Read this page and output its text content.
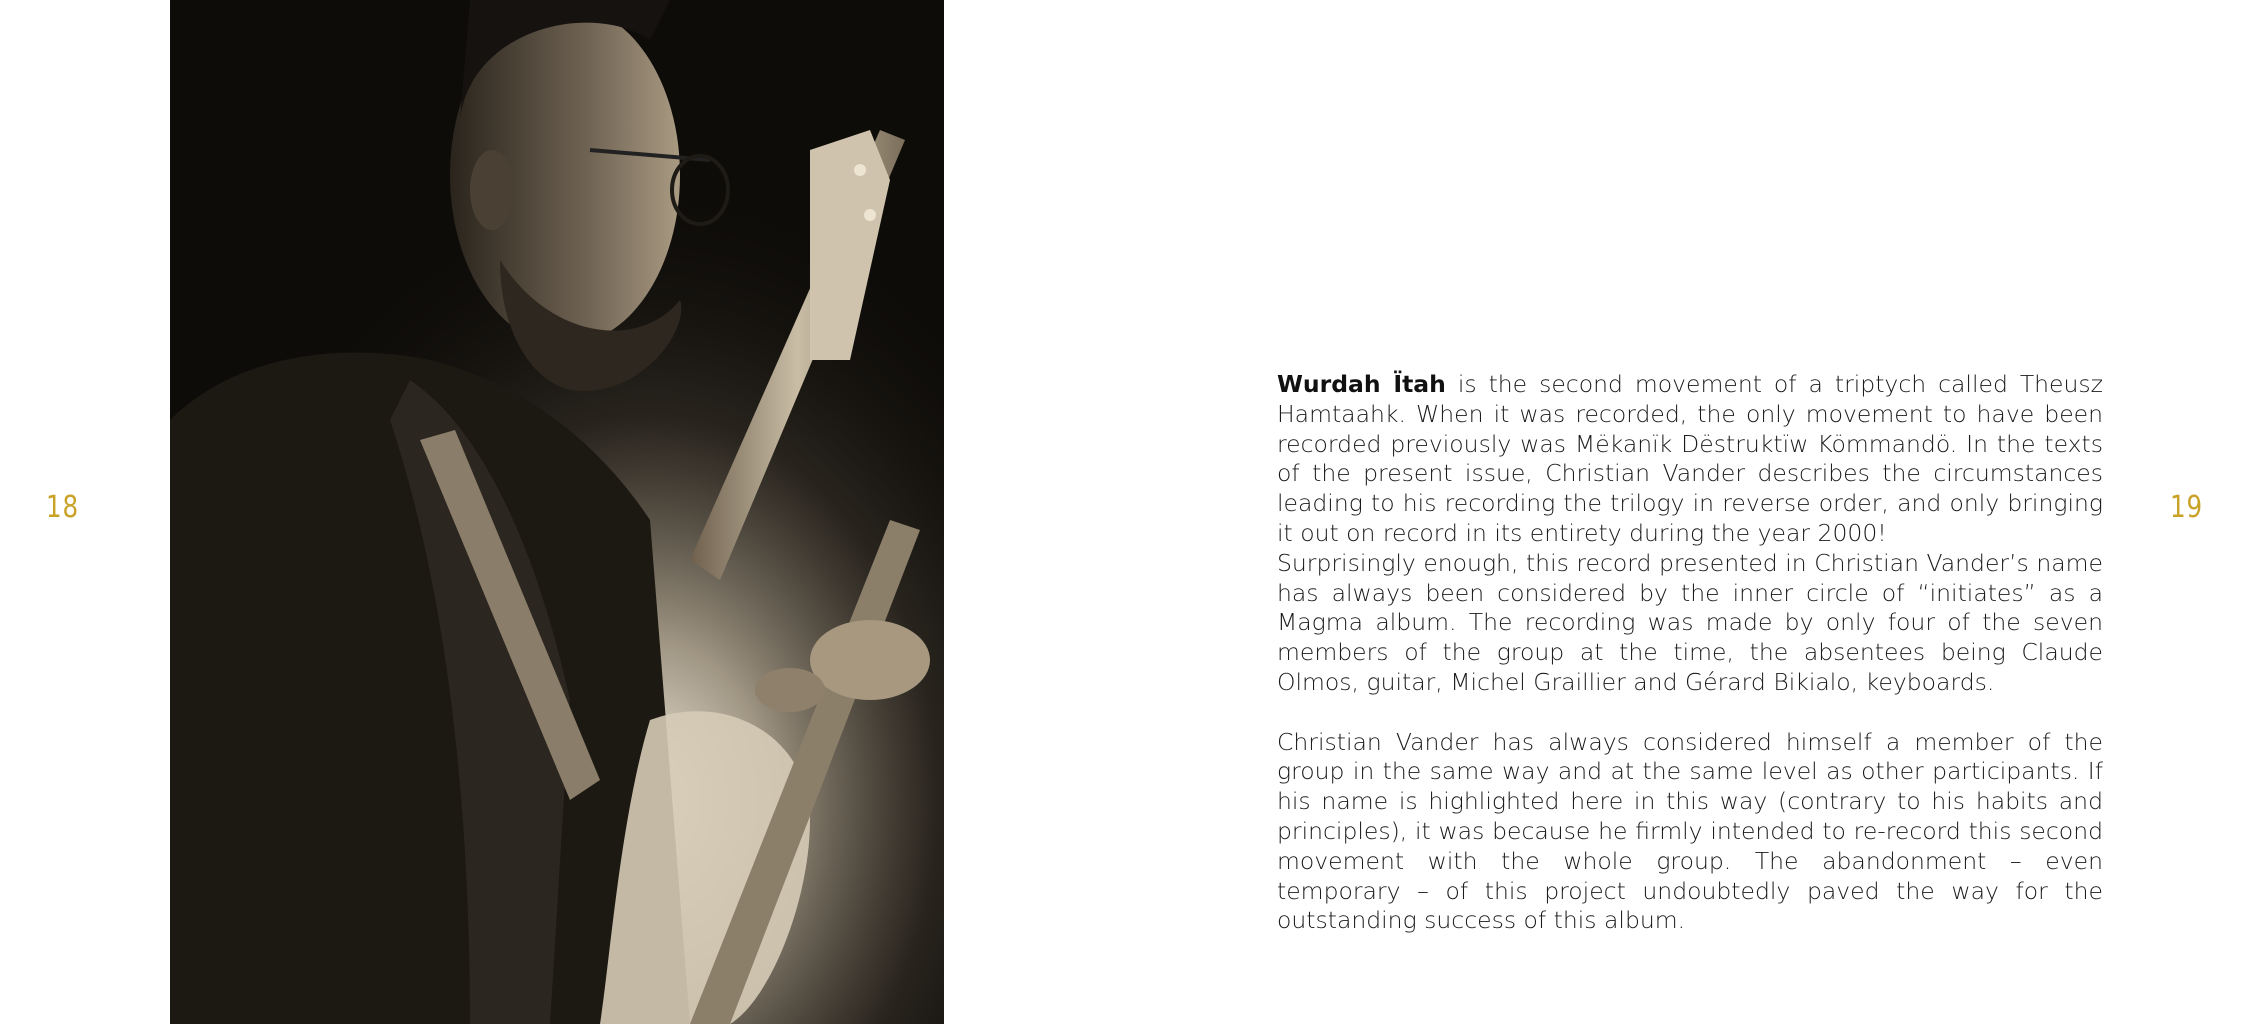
18

Wurdah Ïtah is the second movement of a triptych called Theusz Hamtaahk. When it was recorded, the only movement to have been recorded previously was Mëkanïk Dëstruktïw Kömmandö. In the texts of the present issue, Christian Vander describes the circumstances leading to his recording the trilogy in reverse order, and only bringing it out on record in its entirety during the year 2000!

Surprisingly enough, this record presented in Christian Vander’s name has always been considered by the inner circle of “initiates” as a Magma album. The recording was made by only four of the seven members of the group at the time, the absentees being Claude Olmos, guitar, Michel Graillier and Gérard Bikialo, keyboards.

Christian Vander has always considered himself a member of the group in the same way and at the same level as other participants. If his name is highlighted here in this way (contrary to his habits and principles), it was because he firmly intended to re-record this second movement with the whole group. The abandonment – even temporary – of this project undoubtedly paved the way for the outstanding success of this album.

19
